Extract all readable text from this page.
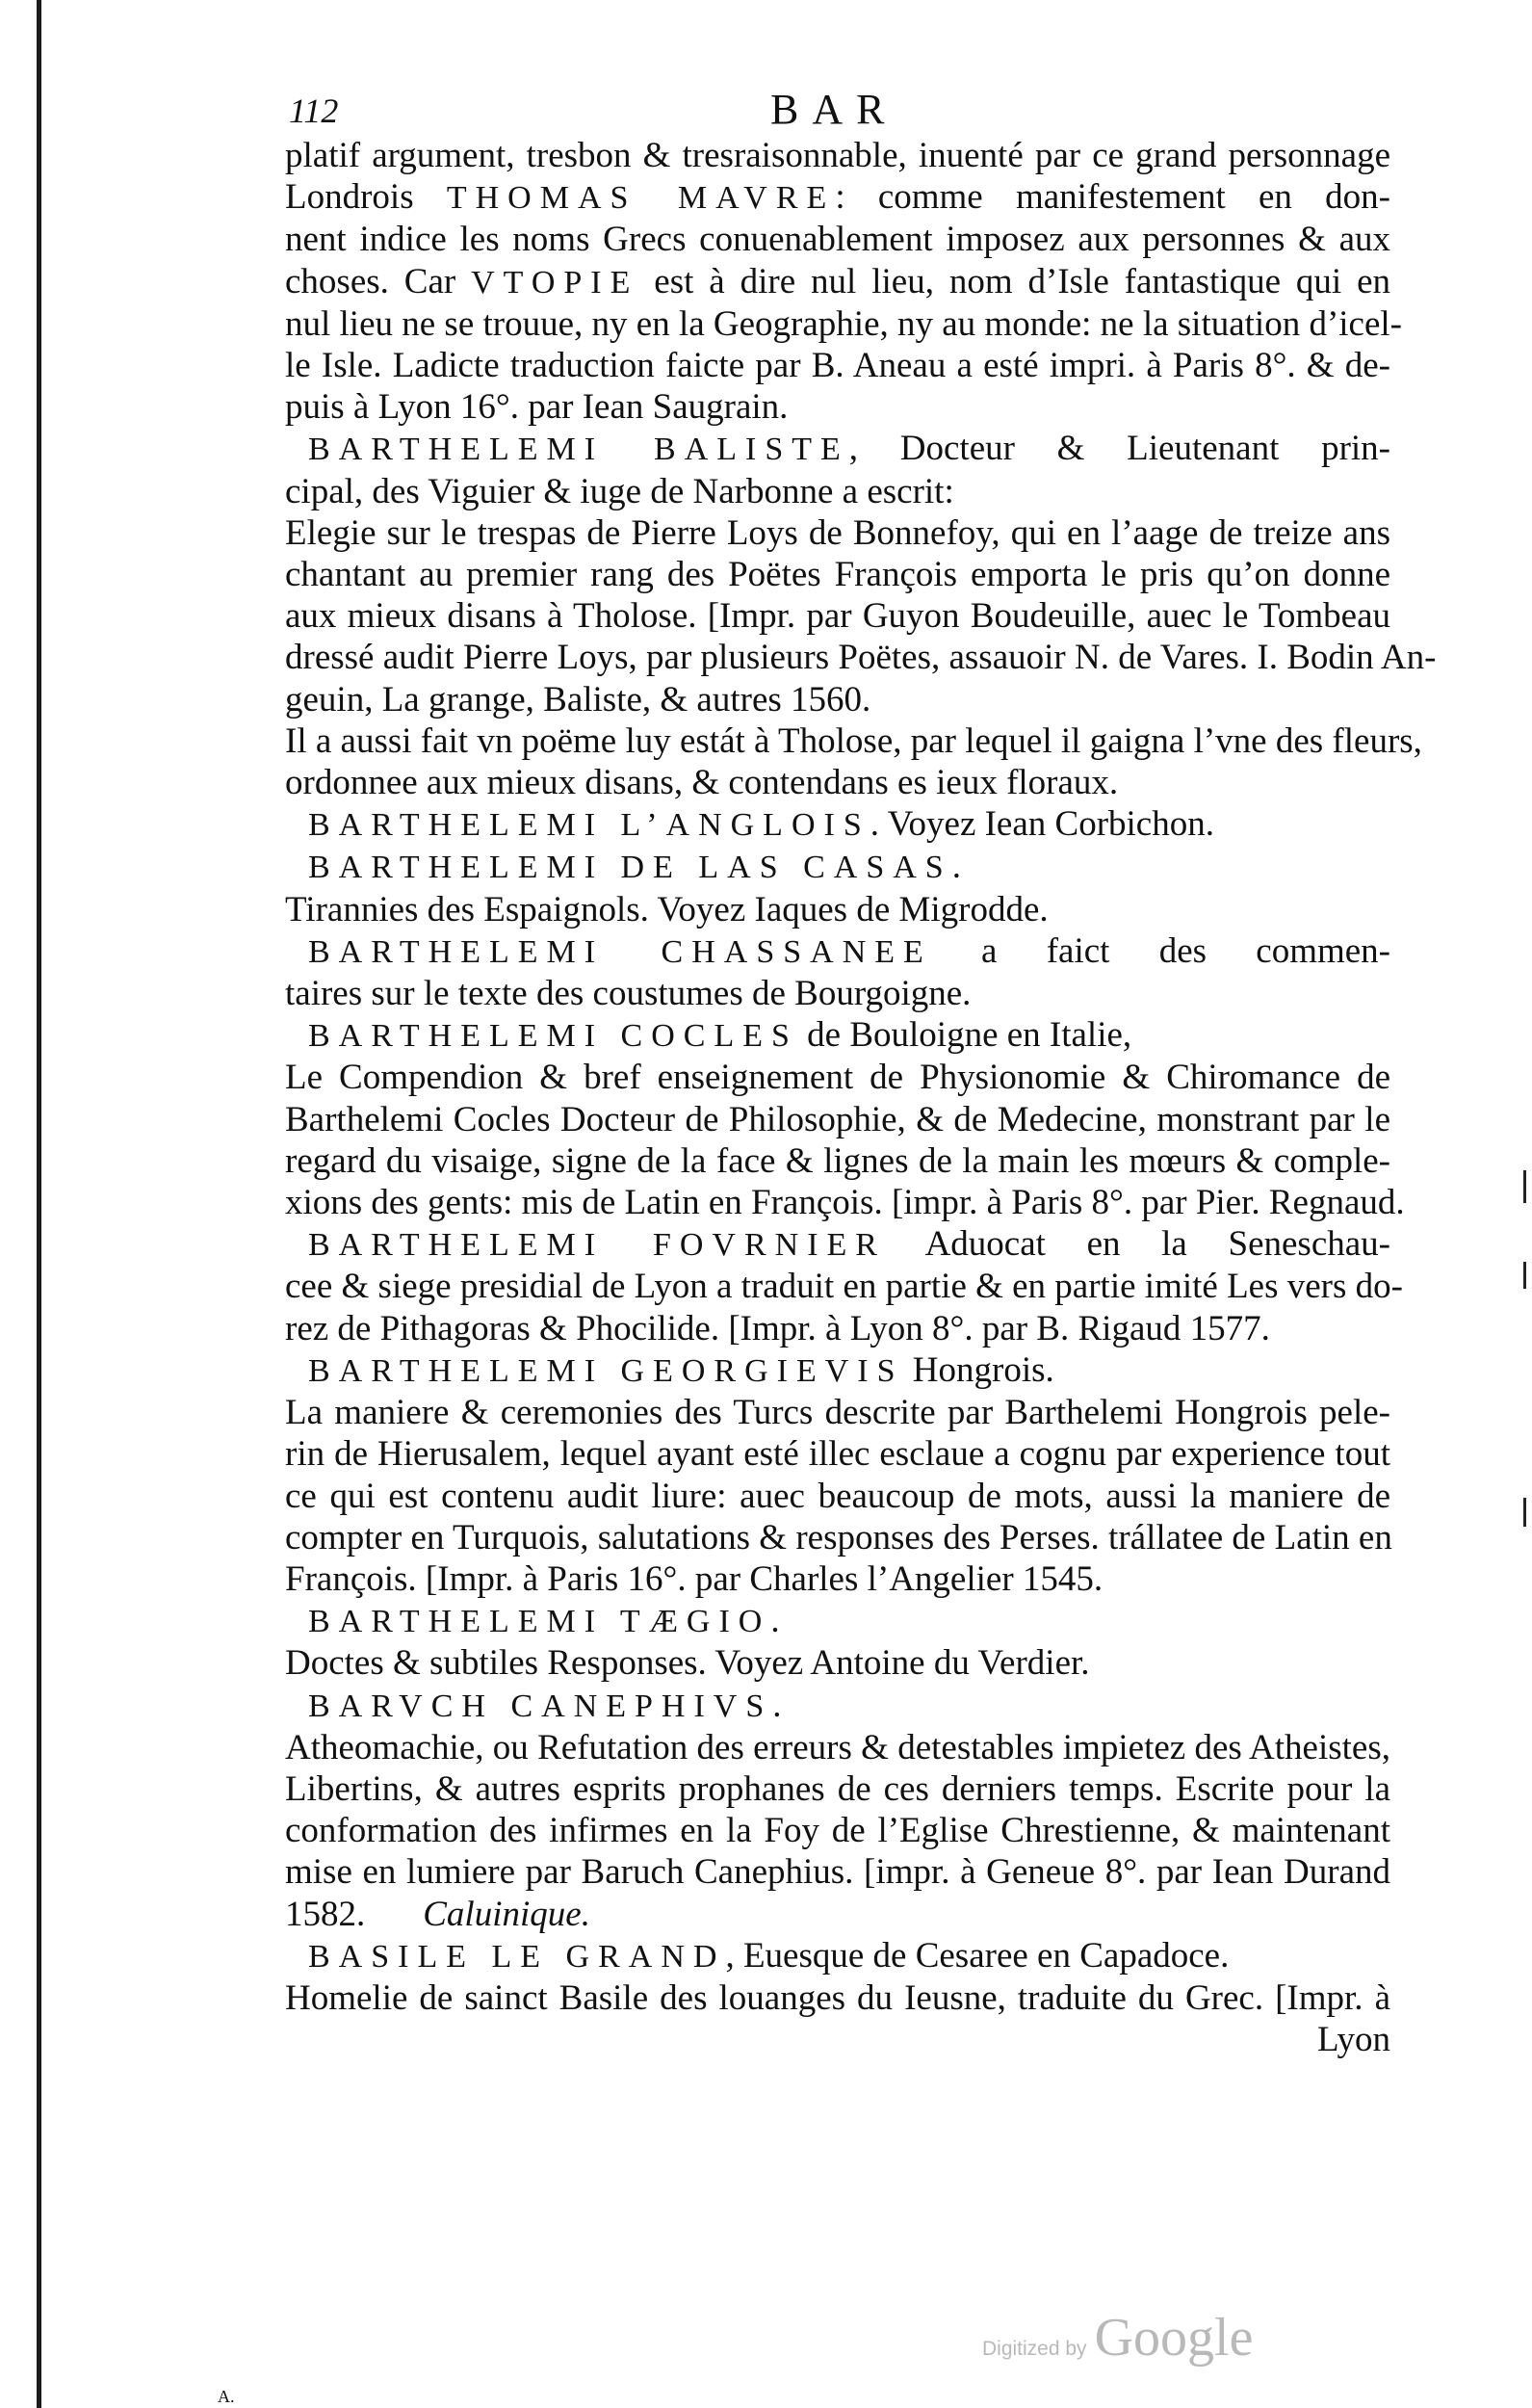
112	BAR
platif argument, tresbon & tresraisonnable, inuenté par ce grand personnage
Londrois THOMAS MAVRE: comme manifestement en don-
nent indice les noms Grecs conuenablement imposez aux personnes & aux
choses. Car VTOPIE est à dire nul lieu, nom d’Isle fantastique qui en
nul lieu ne se trouue, ny en la Geographie, ny au monde: ne la situation d’icel-
le Isle. Ladicte traduction faicte par B. Aneau a esté impri. à Paris 8°. & de-
puis à Lyon 16°. par Iean Saugrain.
BARTHELEMI BALISTE, Docteur & Lieutenant prin-
cipal, des Viguier & iuge de Narbonne a escrit:
Elegie sur le trespas de Pierre Loys de Bonnefoy, qui en l’aage de treize ans
chantant au premier rang des Poëtes François emporta le pris qu’on donne
aux mieux disans à Tholose. [Impr. par Guyon Boudeuille, auec le Tombeau
dressé audit Pierre Loys, par plusieurs Poëtes, assauoir N. de Vares. I. Bodin An-
geuin, La grange, Baliste, & autres 1560.
Il a aussi fait vn poëme luy estát à Tholose, par lequel il gaigna l’vne des fleurs,
ordonnee aux mieux disans, & contendans es ieux floraux.
BARTHELEMI L’ANGLOIS. Voyez Iean Corbichon.
BARTHELEMI DE LAS CASAS.
Tirannies des Espaignols. Voyez Iaques de Migrodde.
BARTHELEMI CHASSANEE a faict des commen-
taires sur le texte des coustumes de Bourgoigne.
BARTHELEMI COCLES de Bouloigne en Italie,
Le Compendion & bref enseignement de Physionomie & Chiromance de
Barthelemi Cocles Docteur de Philosophie, & de Medecine, monstrant par le
regard du visaige, signe de la face & lignes de la main les mœurs & comple-
xions des gents: mis de Latin en François. [impr. à Paris 8°. par Pier. Regnaud.
BARTHELEMI FOVRNIER Aduocat en la Seneschau-
cee & siege presidial de Lyon a traduit en partie & en partie imité Les vers do-
rez de Pithagoras & Phocilide. [Impr. à Lyon 8°. par B. Rigaud 1577.
BARTHELEMI GEORGIEVIS Hongrois.
La maniere & ceremonies des Turcs descrite par Barthelemi Hongrois pele-
rin de Hierusalem, lequel ayant esté illec esclaue a cognu par experience tout
ce qui est contenu audit liure: auec beaucoup de mots, aussi la maniere de
compter en Turquois, salutations & responses des Perses. trállatee de Latin en
François. [Impr. à Paris 16°. par Charles l’Angelier 1545.
BARTHELEMI TÆGIO.
Doctes & subtiles Responses. Voyez Antoine du Verdier.
BARVCH CANEPHIVS.
Atheomachie, ou Refutation des erreurs & detestables impietez des Atheistes,
Libertins, & autres esprits prophanes de ces derniers temps. Escrite pour la
conformation des infirmes en la Foy de l’Eglise Chrestienne, & maintenant
mise en lumiere par Baruch Canephius. [impr. à Geneue 8°. par Iean Durand
1582. Caluinique.
BASILE LE GRAND, Euesque de Cesaree en Capadoce.
Homelie de sainct Basile des louanges du Ieusne, traduite du Grec. [Impr. à
Lyon
Digitized by Google
A.
